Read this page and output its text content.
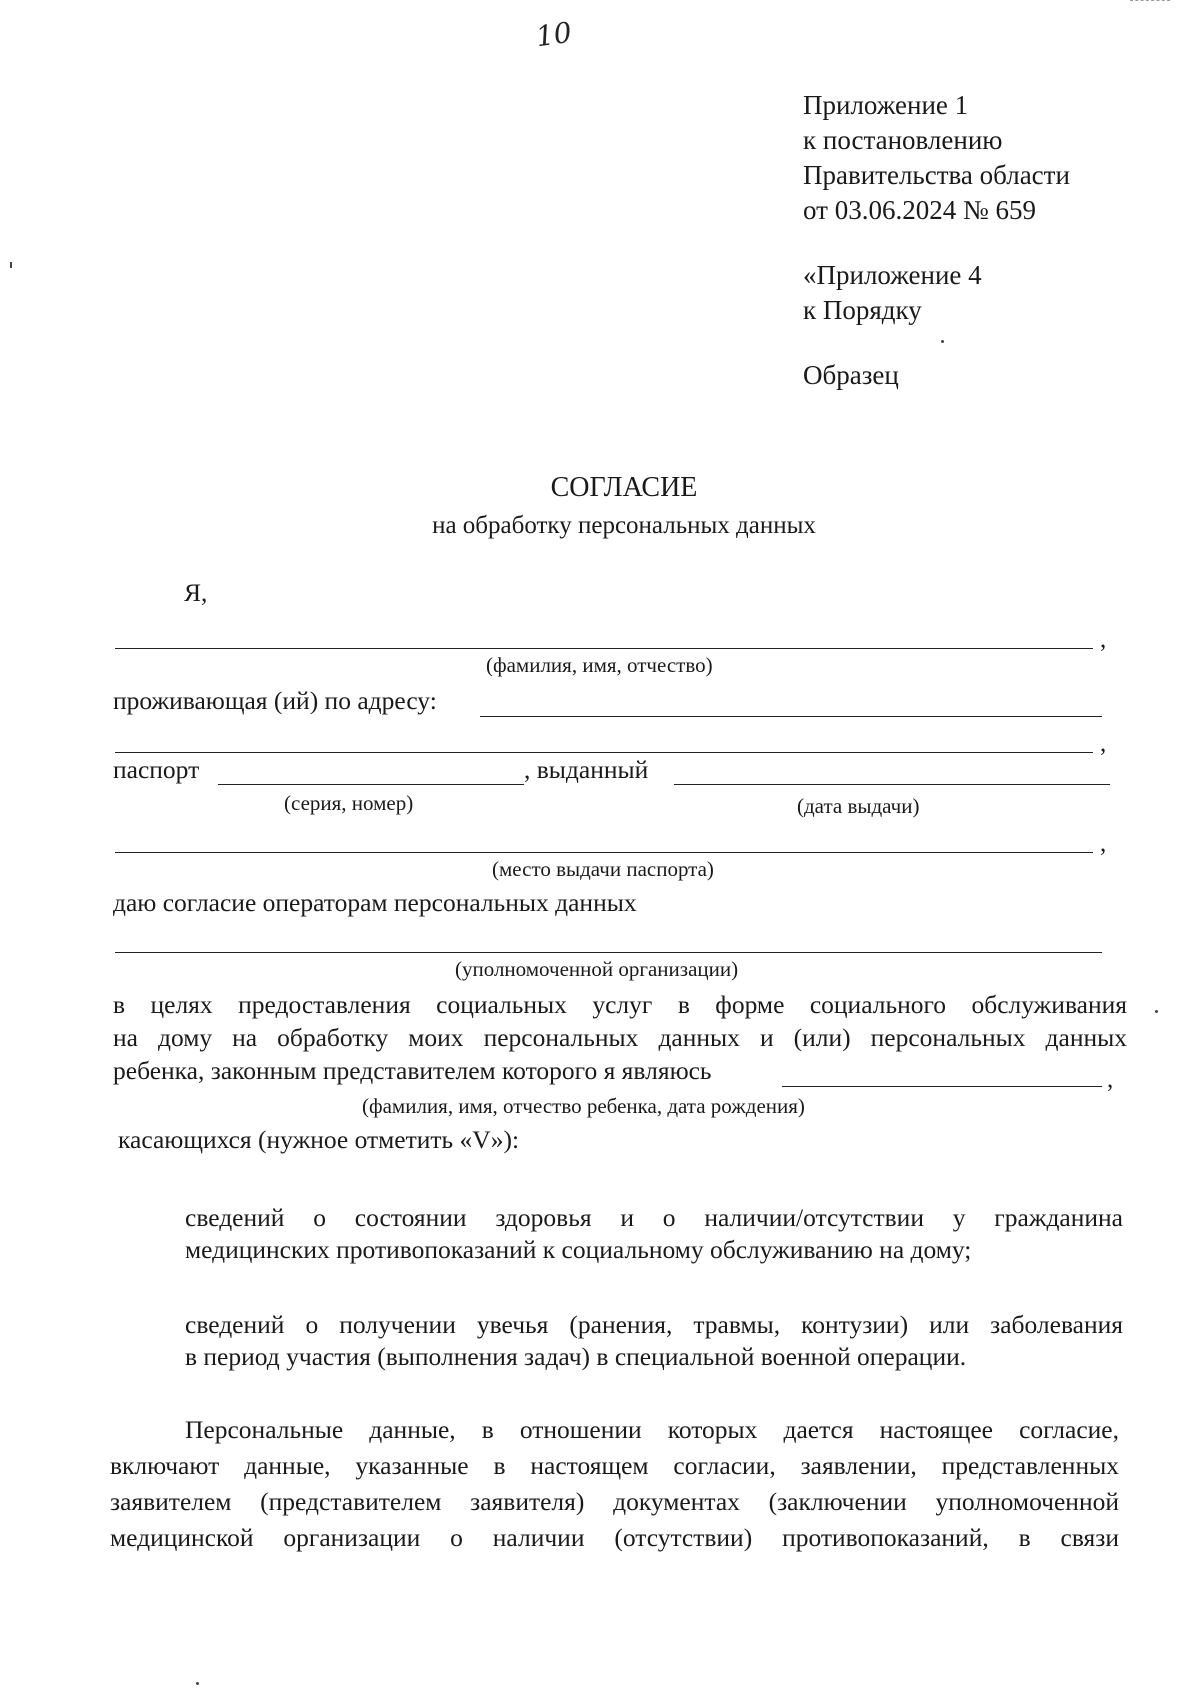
10
Приложение 1
к постановлению
Правительства области
от 03.06.2024 № 659
«Приложение 4
к Порядку
Образец
СОГЛАСИЕ
на обработку персональных данных
Я,
,
(фамилия, имя, отчество)
проживающая (ий) по адресу:
,
паспорт	, выданный
(серия, номер)	(дата выдачи)
,
(место выдачи паспорта)
даю согласие операторам персональных данных
(уполномоченной организации)
в целях предоставления социальных услуг в форме социального обслуживания
на дому на обработку моих персональных данных и (или) персональных данных
ребенка, законным представителем которого я являюсь	,
(фамилия, имя, отчество ребенка, дата рождения)
касающихся (нужное отметить «V»):
сведений о состоянии здоровья и о наличии/отсутствии у гражданина
медицинских противопоказаний к социальному обслуживанию на дому;
сведений о получении увечья (ранения, травмы, контузии) или заболевания
в период участия (выполнения задач) в специальной военной операции.
Персональные данные, в отношении которых дается настоящее согласие,
включают данные, указанные в настоящем согласии, заявлении, представленных
заявителем (представителем заявителя) документах (заключении уполномоченной
медицинской организации о наличии (отсутствии) противопоказаний, в связи
